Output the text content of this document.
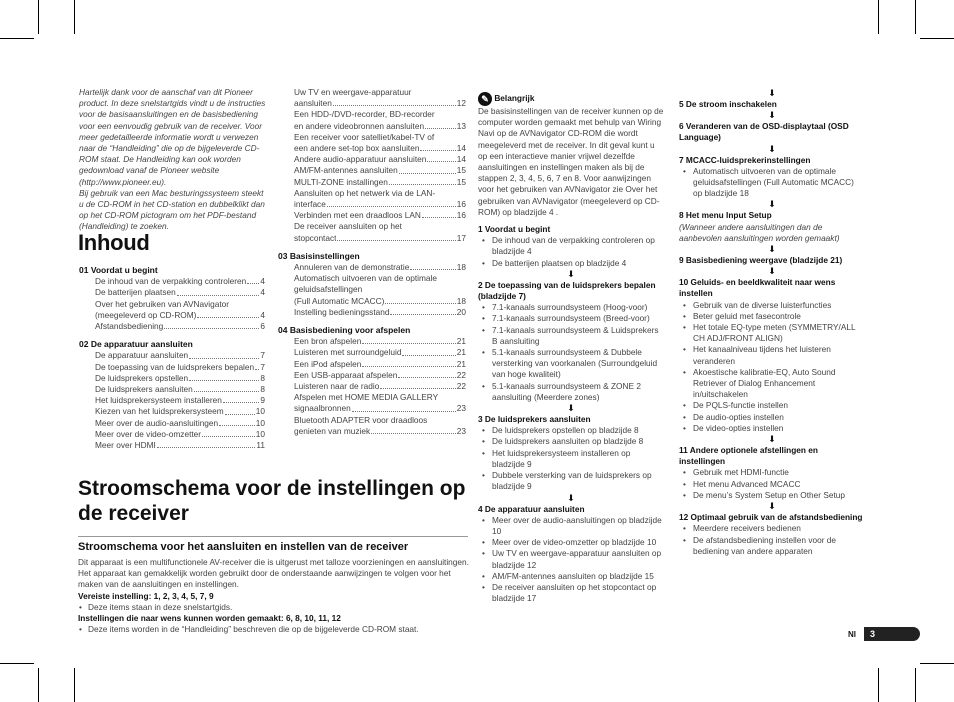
Hartelijk dank voor de aanschaf van dit Pioneer product. In deze snelstartgids vindt u de instructies voor de basisaansluitingen en de basisbediening voor een eenvoudig gebruik van de receiver. Voor meer gedetailleerde informatie wordt u verwezen naar de “Handleiding” die op de bijgeleverde CD-ROM staat. De Handleiding kan ook worden gedownload vanaf de Pioneer website (http://www.pioneer.eu).

Bij gebruik van een Mac besturingssysteem steekt u de CD-ROM in het CD-station en dubbelklikt dan op het CD-ROM pictogram om het PDF-bestand (Handleiding) te zoeken.

Inhoud

01 Voordat u begint

De inhoud van de verpakking controleren 4
De batterijen plaatsen	4

Over het gebruiken van AVNavigator

(meegeleverd op CD-ROM)	4
Afstandsbediening	6

02 De apparatuur aansluiten

De apparatuur aansluiten	7
De toepassing van de luidsprekers bepalen 7
De luidsprekers opstellen	8
De luidsprekers aansluiten	8
Het luidsprekersysteem installeren	9
Kiezen van het luidsprekersysteem	10
Meer over de audio-aansluitingen	10
Meer over de video-omzetter	10
Meer over HDMI	11

Uw TV en weergave-apparatuur

aansluiten	12

Een HDD-/DVD-recorder, BD-recorder

en andere videobronnen aansluiten	13

Een receiver voor satelliet/kabel-TV of

een andere set-top box aansluiten	14
Andere audio-apparatuur aansluiten	14
AM/FM-antennes aansluiten	15
MULTI-ZONE installingen	15

Aansluiten op het netwerk via de LAN-

interface	16
Verbinden met een draadloos LAN	16

De receiver aansluiten op het

stopcontact	17

03 Basisinstellingen

Annuleren van de demonstratie	18

Automatisch uitvoeren van de optimale

geluidsafstellingen

(Full Automatic MCACC)	18
Instelling bedieningsstand	20

04 Basisbediening voor afspelen

Een bron afspelen	21
Luisteren met surroundgeluid	21
Een iPod afspelen	21
Een USB-apparaat afspelen	22
Luisteren naar de radio	22

Afspelen met HOME MEDIA GALLERY

signaalbronnen	23

Bluetooth ADAPTER voor draadloos

genieten van muziek	23
Stroomschema voor de instellingen op de receiver
Stroomschema voor het aansluiten en instellen van de receiver

Dit apparaat is een multifunctionele AV-receiver die is uitgerust met talloze voorzieningen en aansluitingen. Het apparaat kan gemakkelijk worden gebruikt door de onderstaande aanwijzingen te volgen voor het maken van de aansluitingen en instellingen.

Vereiste instelling: 1, 2, 3, 4, 5, 7, 9

• Deze items staan in deze snelstartgids.

Instellingen die naar wens kunnen worden gemaakt: 6, 8, 10, 11, 12

• Deze items worden in de “Handleiding” beschreven die op de bijgeleverde CD-ROM staat.

✎ Belangrijk

De basisinstellingen van de receiver kunnen op de computer worden gemaakt met behulp van Wiring Navi op de AVNavigator CD-ROM die wordt meegeleverd met de receiver. In dit geval kunt u op een interactieve manier vrijwel dezelfde aansluitingen en instellingen maken als bij de stappen 2, 3, 4, 5, 6, 7 en 8. Voor aanwijzingen voor het gebruiken van AVNavigator zie Over het gebruiken van AVNavigator (meegeleverd op CD-ROM) op bladzijde 4 .

1 Voordat u begint

• De inhoud van de verpakking controleren op bladzijde 4

• De batterijen plaatsen op bladzijde 4

⬇

2 De toepassing van de luidsprekers bepalen (bladzijde 7)

• 7.1-kanaals surroundsysteem (Hoog-voor)

• 7.1-kanaals surroundsysteem (Breed-voor)

• 7.1-kanaals surroundsysteem & Luidsprekers B aansluiting

• 5.1-kanaals surroundsysteem & Dubbele versterking van voorkanalen (Surroundgeluid van hoge kwaliteit)

• 5.1-kanaals surroundsysteem & ZONE 2 aansluiting (Meerdere zones)

⬇

3 De luidsprekers aansluiten

• De luidsprekers opstellen op bladzijde 8

• De luidsprekers aansluiten op bladzijde 8

• Het luidsprekersysteem installeren op bladzijde 9

• Dubbele versterking van de luidsprekers op bladzijde 9

⬇

4 De apparatuur aansluiten

• Meer over de audio-aansluitingen op bladzijde 10

• Meer over de video-omzetter op bladzijde 10

• Uw TV en weergave-apparatuur aansluiten op bladzijde 12

• AM/FM-antennes aansluiten op bladzijde 15

• De receiver aansluiten op het stopcontact op bladzijde 17

⬇

5 De stroom inschakelen

⬇

6 Veranderen van de OSD-displaytaal (OSD Language)

⬇

7 MCACC-luidsprekerinstellingen

• Automatisch uitvoeren van de optimale geluidsafstellingen (Full Automatic MCACC) op bladzijde 18

⬇

8 Het menu Input Setup

(Wanneer andere aansluitingen dan de aanbevolen aansluitingen worden gemaakt)

⬇

9 Basisbediening weergave (bladzijde 21)

⬇

10 Geluids- en beeldkwaliteit naar wens instellen

• Gebruik van de diverse luisterfuncties

• Beter geluid met fasecontrole

• Het totale EQ-type meten (SYMMETRY/ALL CH ADJ/FRONT ALIGN)

• Het kanaalniveau tijdens het luisteren veranderen

• Akoestische kalibratie-EQ, Auto Sound Retriever of Dialog Enhancement in/uitschakelen

• De PQLS-functie instellen

• De audio-opties instellen

• De video-opties instellen

⬇

11 Andere optionele afstellingen en instellingen

• Gebruik met HDMI-functie

• Het menu Advanced MCACC

• De menu’s System Setup en Other Setup

⬇

12 Optimaal gebruik van de afstandsbediening

• Meerdere receivers bedienen

• De afstandsbediening instellen voor de bediening van andere apparaten

Nl	3
